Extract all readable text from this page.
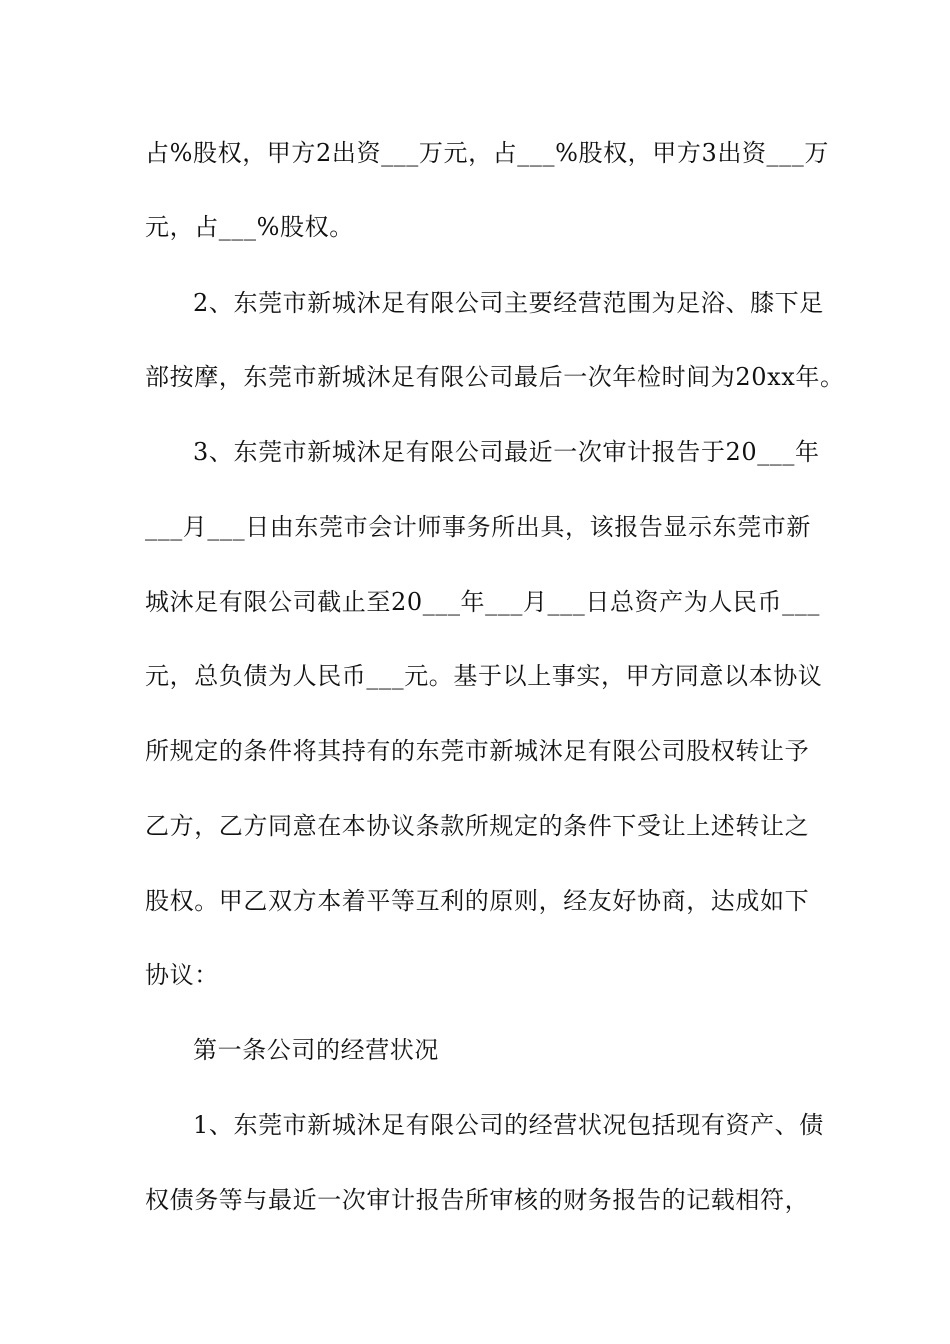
占%股权，甲方2出资___万元，占___%股权，甲方3出资___万
元，占___%股权。
2、东莞市新城沐足有限公司主要经营范围为足浴、膝下足
部按摩，东莞市新城沐足有限公司最后一次年检时间为20xx年。
3、东莞市新城沐足有限公司最近一次审计报告于20___年
___月___日由东莞市会计师事务所出具，该报告显示东莞市新
城沐足有限公司截止至20___年___月___日总资产为人民币___
元，总负债为人民币___元。基于以上事实，甲方同意以本协议
所规定的条件将其持有的东莞市新城沐足有限公司股权转让予
乙方，乙方同意在本协议条款所规定的条件下受让上述转让之
股权。甲乙双方本着平等互利的原则，经友好协商，达成如下
协议：
第一条公司的经营状况
1、东莞市新城沐足有限公司的经营状况包括现有资产、债
权债务等与最近一次审计报告所审核的财务报告的记载相符，
